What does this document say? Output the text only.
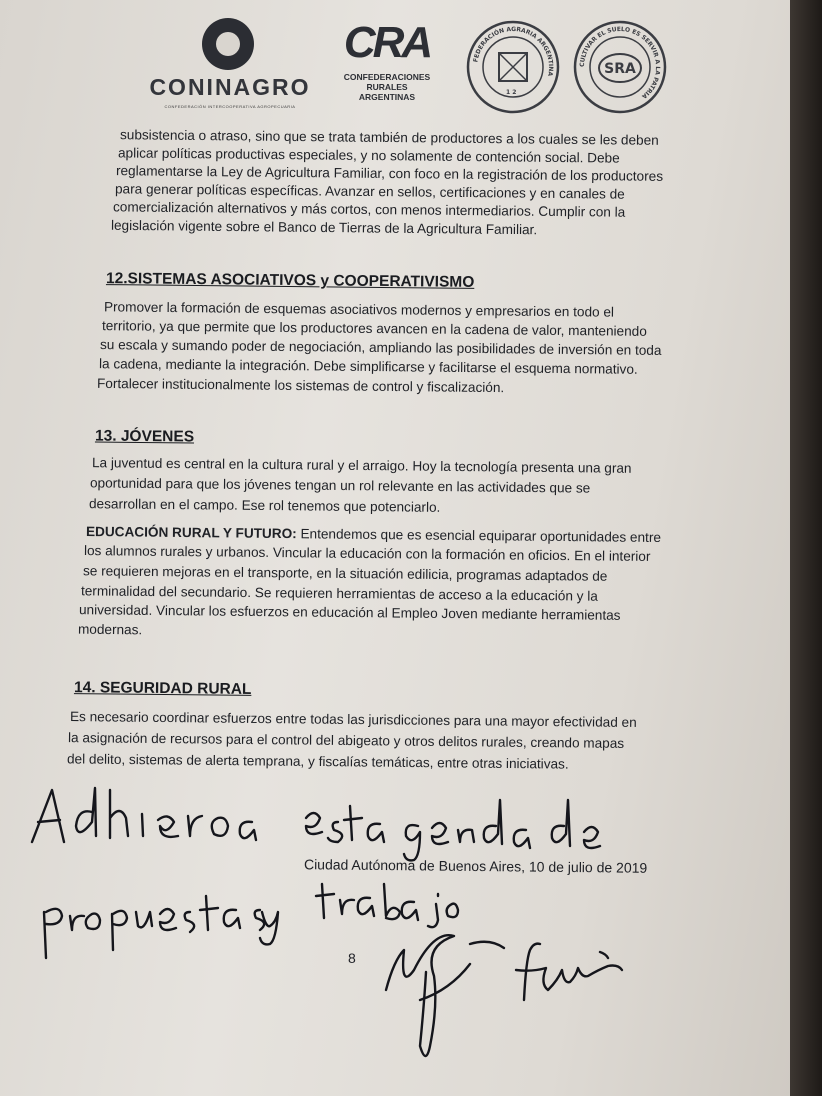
CONINAGRO
CONFEDERACIÓN INTERCOOPERATIVA AGROPECUARIA
CRA
CONFEDERACIONES
RURALES
ARGENTINAS
FEDERACIÓN AGRARIA ARGENTINA
1 2
CULTIVAR EL SUELO ES SERVIR A LA PATRIA
SRA
subsistencia o atraso, sino que se trata también de productores a los cuales se les deben
aplicar políticas productivas especiales, y no solamente de contención social. Debe
reglamentarse la Ley de Agricultura Familiar, con foco en la registración de los productores
para generar políticas específicas. Avanzar en sellos, certificaciones y en canales de
comercialización alternativos y más cortos, con menos intermediarios. Cumplir con la
legislación vigente sobre el Banco de Tierras de la Agricultura Familiar.
12.SISTEMAS ASOCIATIVOS y COOPERATIVISMO
Promover la formación de esquemas asociativos modernos y empresarios en todo el
territorio, ya que permite que los productores avancen en la cadena de valor, manteniendo
su escala y sumando poder de negociación, ampliando las posibilidades de inversión en toda
la cadena, mediante la integración. Debe simplificarse y facilitarse el esquema normativo.
Fortalecer institucionalmente los sistemas de control y fiscalización.
13. JÓVENES
La juventud es central en la cultura rural y el arraigo. Hoy la tecnología presenta una gran
oportunidad para que los jóvenes tengan un rol relevante en las actividades que se
desarrollan en el campo. Ese rol tenemos que potenciarlo.
EDUCACIÓN RURAL Y FUTURO: Entendemos que es esencial equiparar oportunidades entre
los alumnos rurales y urbanos. Vincular la educación con la formación en oficios. En el interior
se requieren mejoras en el transporte, en la situación edilicia, programas adaptados de
terminalidad del secundario. Se requieren herramientas de acceso a la educación y la
universidad. Vincular los esfuerzos en educación al Empleo Joven mediante herramientas
modernas.
14. SEGURIDAD RURAL
Es necesario coordinar esfuerzos entre todas las jurisdicciones para una mayor efectividad en
la asignación de recursos para el control del abigeato y otros delitos rurales, creando mapas
del delito, sistemas de alerta temprana, y fiscalías temáticas, entre otras iniciativas.
Ciudad Autónoma de Buenos Aires, 10 de julio de 2019
8
